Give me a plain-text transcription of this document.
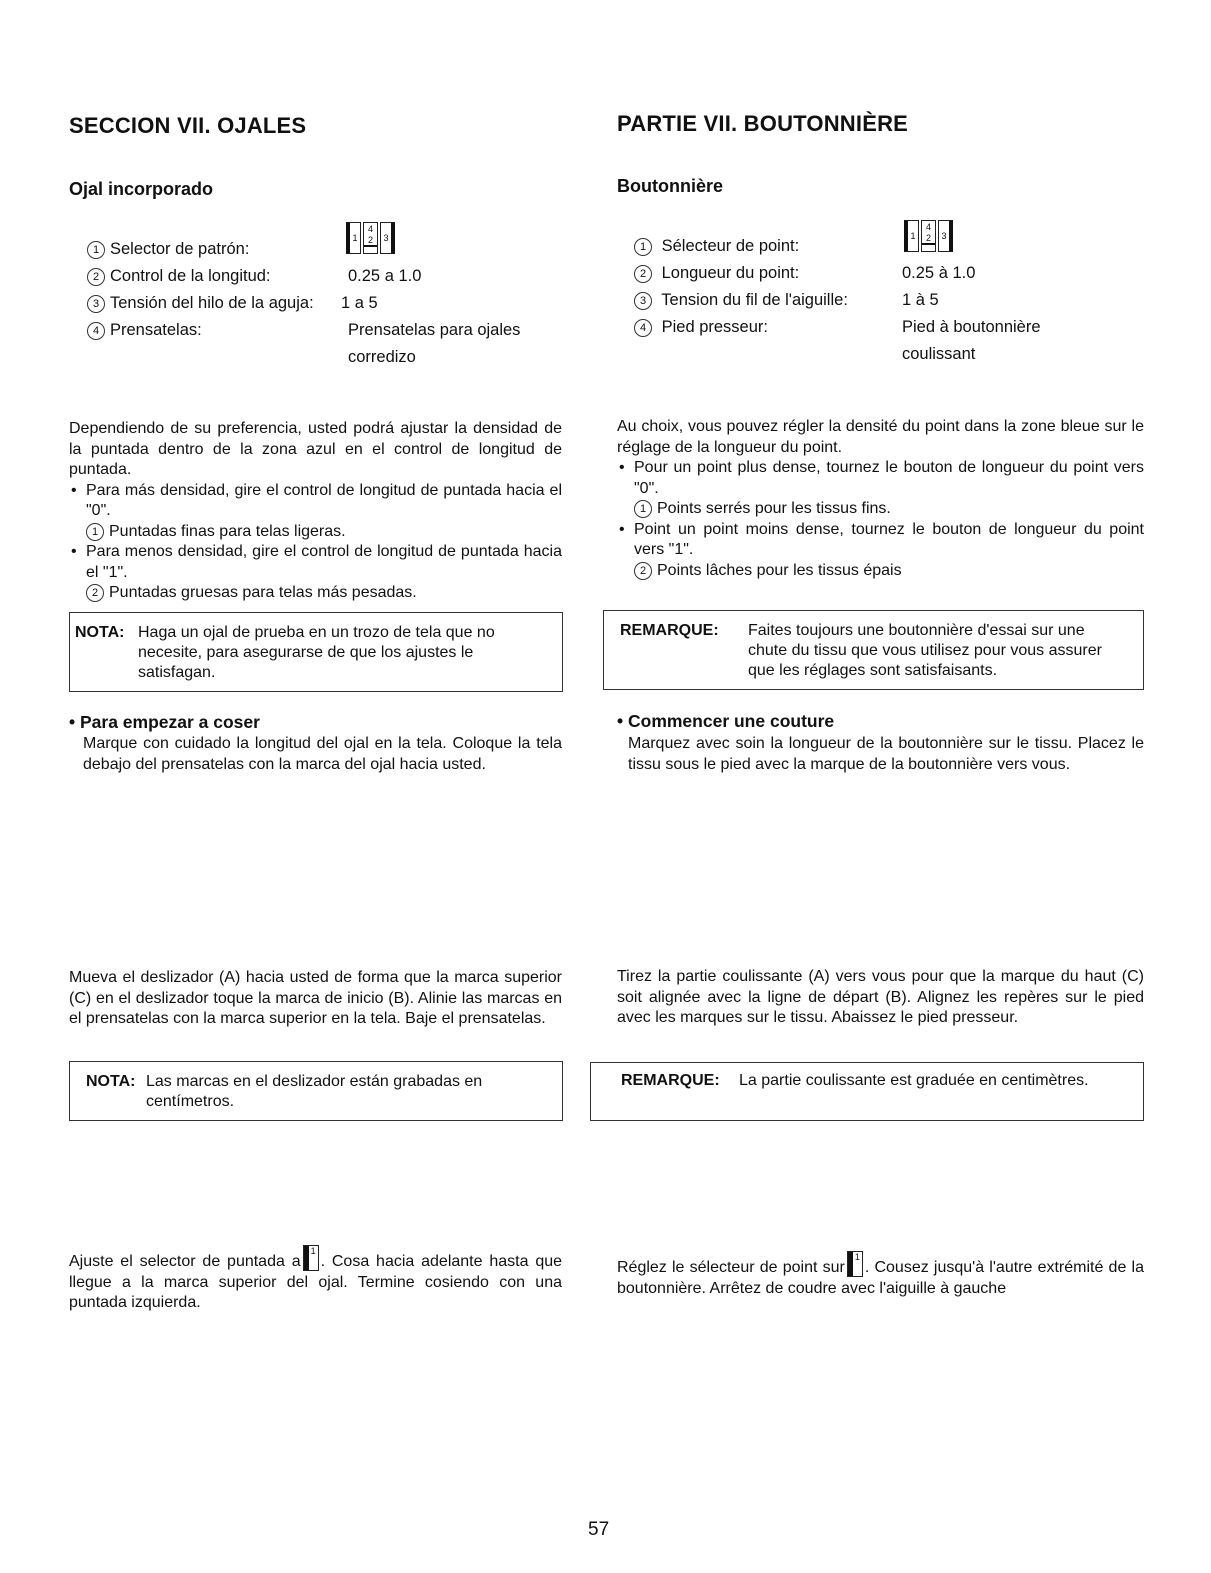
SECCION VII. OJALES
Ojal incorporado
1 Selector de patrón:
2 Control de la longitud:	0.25 a 1.0
3 Tensión del hilo de la aguja: 1 a 5
4 Prensatelas:	Prensatelas para ojales
corredizo
1
4
2	3
Dependiendo de su preferencia, usted podrá ajustar la densidad de la puntada dentro de la zona azul en el control de longitud de puntada.
• Para más densidad, gire el control de longitud de puntada hacia el "0".
1 Puntadas finas para telas ligeras.
• Para menos densidad, gire el control de longitud de puntada hacia el "1".
2 Puntadas gruesas para telas más pesadas.
NOTA: Haga un ojal de prueba en un trozo de tela que no necesite, para asegurarse de que los ajustes le satisfagan.
• Para empezar a coser
Marque con cuidado la longitud del ojal en la tela. Coloque la tela debajo del prensatelas con la marca del ojal hacia usted.
Mueva el deslizador (A) hacia usted de forma que la marca superior (C) en el deslizador toque la marca de inicio (B). Alinie las marcas en el prensatelas con la marca superior en la tela. Baje el prensatelas.
NOTA: Las marcas en el deslizador están grabadas en centímetros.
Ajuste el selector de puntada a
1
. Cosa hacia adelante hasta que llegue a la marca superior del ojal. Termine cosiendo con una puntada izquierda.
PARTIE VII. BOUTONNIÈRE
Boutonnière
1 Sélecteur de point:
2 Longueur du point:	0.25 à 1.0
3 Tension du fil de l'aiguille:	1 à 5
4 Pied presseur:	Pied à boutonnière
coulissant
1
4
2	3
Au choix, vous pouvez régler la densité du point dans la zone bleue sur le réglage de la longueur du point.
• Pour un point plus dense, tournez le bouton de longueur du point vers "0".
1 Points serrés pour les tissus fins.
• Point un point moins dense, tournez le bouton de longueur du point vers "1".
2 Points lâches pour les tissus épais
REMARQUE: Faites toujours une boutonnière d'essai sur une chute du tissu que vous utilisez pour vous assurer que les réglages sont satisfaisants.
• Commencer une couture
Marquez avec soin la longueur de la boutonnière sur le tissu. Placez le tissu sous le pied avec la marque de la boutonnière vers vous.
Tirez la partie coulissante (A) vers vous pour que la marque du haut (C) soit alignée avec la ligne de départ (B). Alignez les repères sur le pied avec les marques sur le tissu. Abaissez le pied presseur.
REMARQUE: La partie coulissante est graduée en centimètres.
Réglez le sélecteur de point sur
1
. Cousez jusqu'à l'autre extrémité de la boutonnière. Arrêtez de coudre avec l'aiguille à gauche
57
